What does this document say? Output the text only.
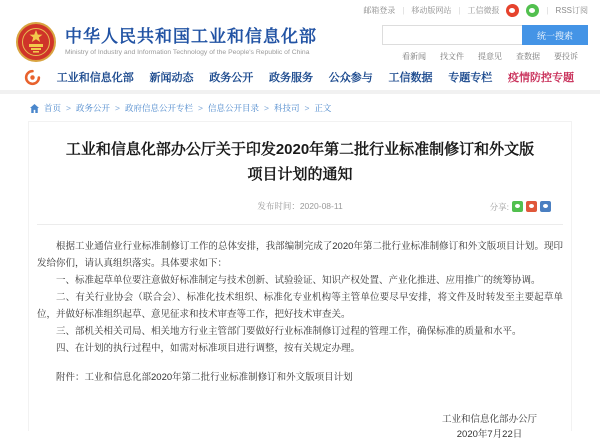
邮箱登录 | 移动版网站 | 工信微报	| RSS订阅
中华人民共和国工业和信息化部
Ministry of Industry and Information Technology of the People's Republic of China
统一搜索
看新闻 找文件 提意见 查数据 要投诉
工业和信息化部 新闻动态 政务公开 政务服务 公众参与 工信数据 专题专栏 疫情防控专题
首页 > 政务公开 > 政府信息公开专栏 > 信息公开目录 > 科技司 > 正文
工业和信息化部办公厅关于印发2020年第二批行业标准制修订和外文版项目计划的通知
发布时间：2020-08-11	分享:

根据工业通信业行业标准制修订工作的总体安排，我部编制完成了2020年第二批行业标准制修订和外文版项目计划。现印发给你们，请认真组织落实。具体要求如下：

一、标准起草单位要注意做好标准制定与技术创新、试验验证、知识产权处置、产业化推进、应用推广的统筹协调。

二、有关行业协会（联合会）、标准化技术组织、标准化专业机构等主管单位要尽早安排，将文件及时转发至主要起草单位，并做好标准组织起草、意见征求和技术审查等工作，把好技术审查关。

三、部机关相关司局、相关地方行业主管部门要做好行业标准制修订过程的管理工作，确保标准的质量和水平。

四、在计划的执行过程中，如需对标准项目进行调整，按有关规定办理。

附件：工业和信息化部2020年第二批行业标准制修订和外文版项目计划

工业和信息化部办公厅
2020年7月22日
